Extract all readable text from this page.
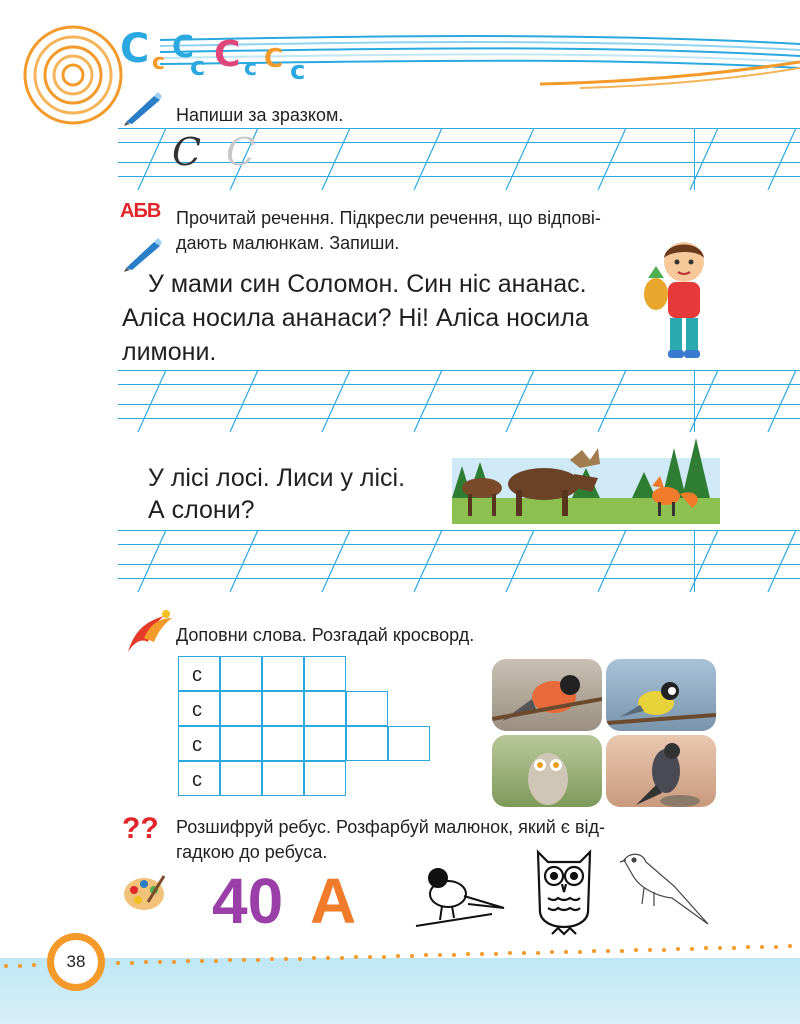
C c C
c C c C c
Напиши за зразком.
C C
АБВ Прочитай речення. Підкресли речення, що відпові-
дають малюнкам. Запиши.
У мами син Соломон. Син ніс ананас.
Аліса носила ананаси? Ні! Аліса носила
лимони.
У лісі лосі. Лиси у лісі.
А слони?
Доповни слова. Розгадай кросворд.
с
с
с
с
?? Розшифруй ребус. Розфарбуй малюнок, який є від-
гадкою до ребуса.
40 А
38
